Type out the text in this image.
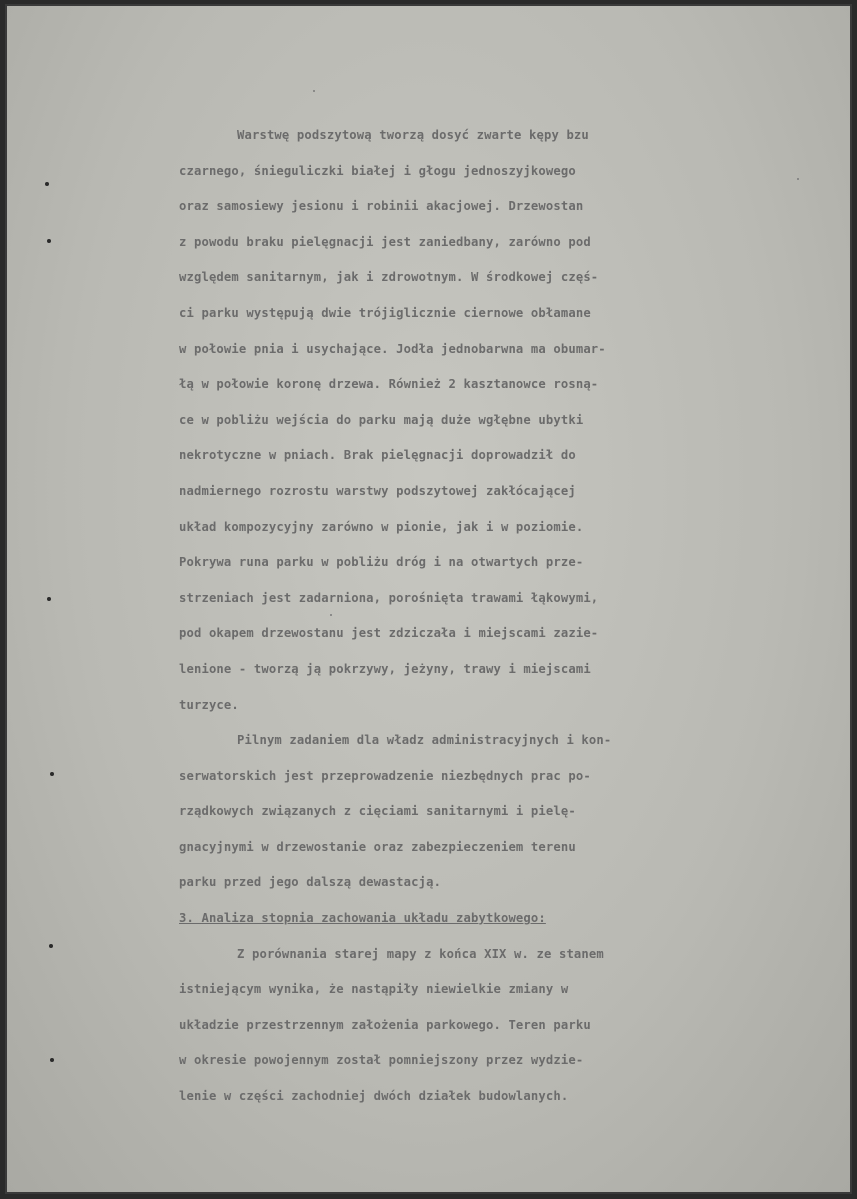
Warstwę podszytową tworzą dosyć zwarte kępy bzu
czarnego, śnieguliczki białej i głogu jednoszyjkowego
oraz samosiewy jesionu i robinii akacjowej. Drzewostan
z powodu braku pielęgnacji jest zaniedbany, zarówno pod
względem sanitarnym, jak i zdrowotnym. W środkowej częś-
ci parku występują dwie trójiglicznie ciernowe obłamane
w połowie pnia i usychające. Jodła jednobarwna ma obumar-
łą w połowie koronę drzewa. Również 2 kasztanowce rosną-
ce w pobliżu wejścia do parku mają duże wgłębne ubytki
nekrotyczne w pniach. Brak pielęgnacji doprowadził do
nadmiernego rozrostu warstwy podszytowej zakłócającej
układ kompozycyjny zarówno w pionie, jak i w poziomie.
Pokrywa runa parku w pobliżu dróg i na otwartych prze-
strzeniach jest zadarniona, porośnięta trawami łąkowymi,
pod okapem drzewostanu jest zdziczała i miejscami zazie-
lenione - tworzą ją pokrzywy, jeżyny, trawy i miejscami
turzyce.
Pilnym zadaniem dla władz administracyjnych i kon-
serwatorskich jest przeprowadzenie niezbędnych prac po-
rządkowych związanych z cięciami sanitarnymi i pielę-
gnacyjnymi w drzewostanie oraz zabezpieczeniem terenu
parku przed jego dalszą dewastacją.
3. Analiza stopnia zachowania układu zabytkowego:
Z porównania starej mapy z końca XIX w. ze stanem
istniejącym wynika, że nastąpiły niewielkie zmiany w
układzie przestrzennym założenia parkowego. Teren parku
w okresie powojennym został pomniejszony przez wydzie-
lenie w części zachodniej dwóch działek budowlanych.
